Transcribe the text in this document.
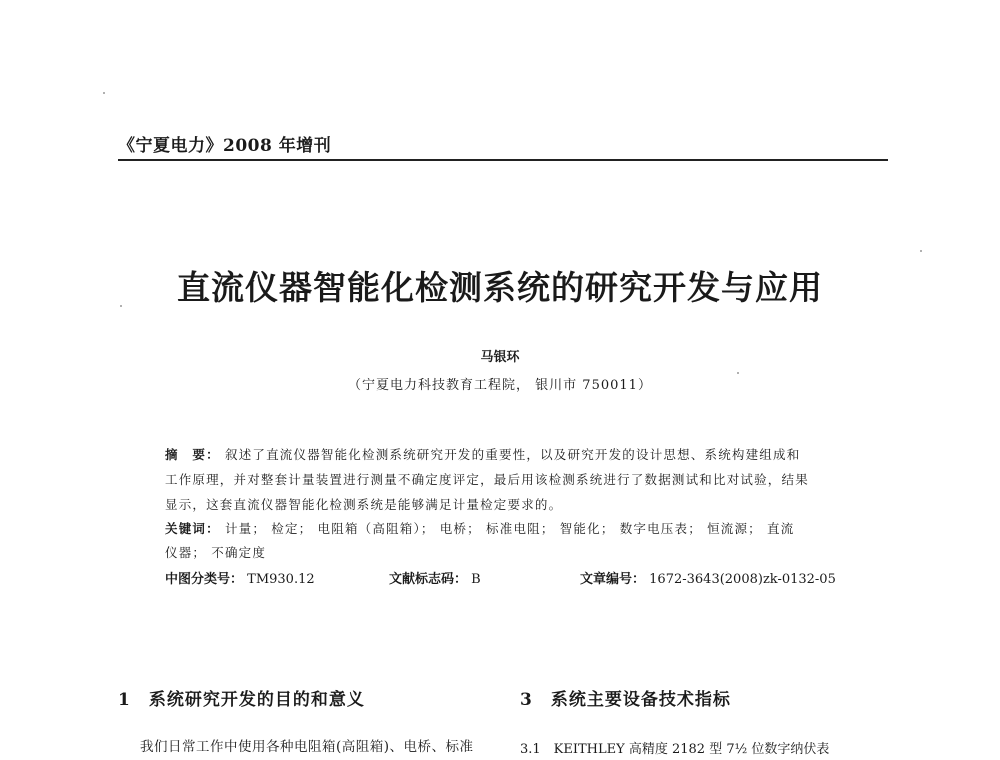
《宁夏电力》2008 年增刊
直流仪器智能化检测系统的研究开发与应用
马银环
（宁夏电力科技教育工程院， 银川市 750011）
摘　要： 叙述了直流仪器智能化检测系统研究开发的重要性，以及研究开发的设计思想、系统构建组成和
工作原理，并对整套计量装置进行测量不确定度评定，最后用该检测系统进行了数据测试和比对试验，结果
显示，这套直流仪器智能化检测系统是能够满足计量检定要求的。
关键词： 计量； 检定； 电阻箱（高阻箱）； 电桥； 标准电阻； 智能化； 数字电压表； 恒流源； 直流
仪器； 不确定度
中图分类号： TM930.12	文献标志码： B	文章编号： 1672-3643(2008)zk-0132-05
1　系统研究开发的目的和意义	3　系统主要设备技术指标
我们日常工作中使用各种电阻箱(高阻箱)、电桥、标准	3.1　KEITHLEY 高精度 2182 型 7½ 位数字纳伏表
